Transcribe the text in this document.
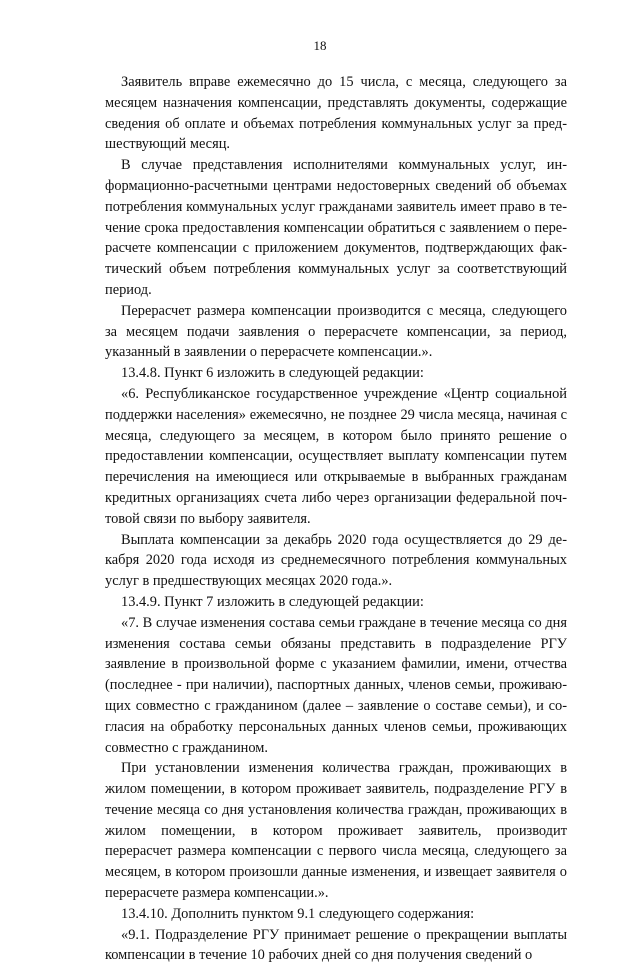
18

Заявитель вправе ежемесячно до 15 числа, с месяца, следующего за месяцем назначения компенсации, представлять документы, содержащие сведения об оплате и объемах потребления коммунальных услуг за предшествующий месяц.

В случае представления исполнителями коммунальных услуг, информационно-расчетными центрами недостоверных сведений об объемах потребления коммунальных услуг гражданами заявитель имеет право в течение срока предоставления компенсации обратиться с заявлением о перерасчете компенсации с приложением документов, подтверждающих фактический объем потребления коммунальных услуг за соответствующий период.

Перерасчет размера компенсации производится с месяца, следующего за месяцем подачи заявления о перерасчете компенсации, за период, указанный в заявлении о перерасчете компенсации.».

13.4.8. Пункт 6 изложить в следующей редакции:

«6. Республиканское государственное учреждение «Центр социальной поддержки населения» ежемесячно, не позднее 29 числа месяца, начиная с месяца, следующего за месяцем, в котором было принято решение о предоставлении компенсации, осуществляет выплату компенсации путем перечисления на имеющиеся или открываемые в выбранных гражданам кредитных организациях счета либо через организации федеральной почтовой связи по выбору заявителя.

Выплата компенсации за декабрь 2020 года осуществляется до 29 декабря 2020 года исходя из среднемесячного потребления коммунальных услуг в предшествующих месяцах 2020 года.».

13.4.9. Пункт 7 изложить в следующей редакции:

«7. В случае изменения состава семьи граждане в течение месяца со дня изменения состава семьи обязаны представить в подразделение РГУ заявление в произвольной форме с указанием фамилии, имени, отчества (последнее - при наличии), паспортных данных, членов семьи, проживающих совместно с гражданином (далее – заявление о составе семьи), и согласия на обработку персональных данных членов семьи, проживающих совместно с гражданином.

При установлении изменения количества граждан, проживающих в жилом помещении, в котором проживает заявитель, подразделение РГУ в течение месяца со дня установления количества граждан, проживающих в жилом помещении, в котором проживает заявитель, производит перерасчет размера компенсации с первого числа месяца, следующего за месяцем, в котором произошли данные изменения, и извещает заявителя о перерасчете размера компенсации.».

13.4.10. Дополнить пунктом 9.1 следующего содержания:

«9.1. Подразделение РГУ принимает решение о прекращении выплаты компенсации в течение 10 рабочих дней со дня получения сведений о
